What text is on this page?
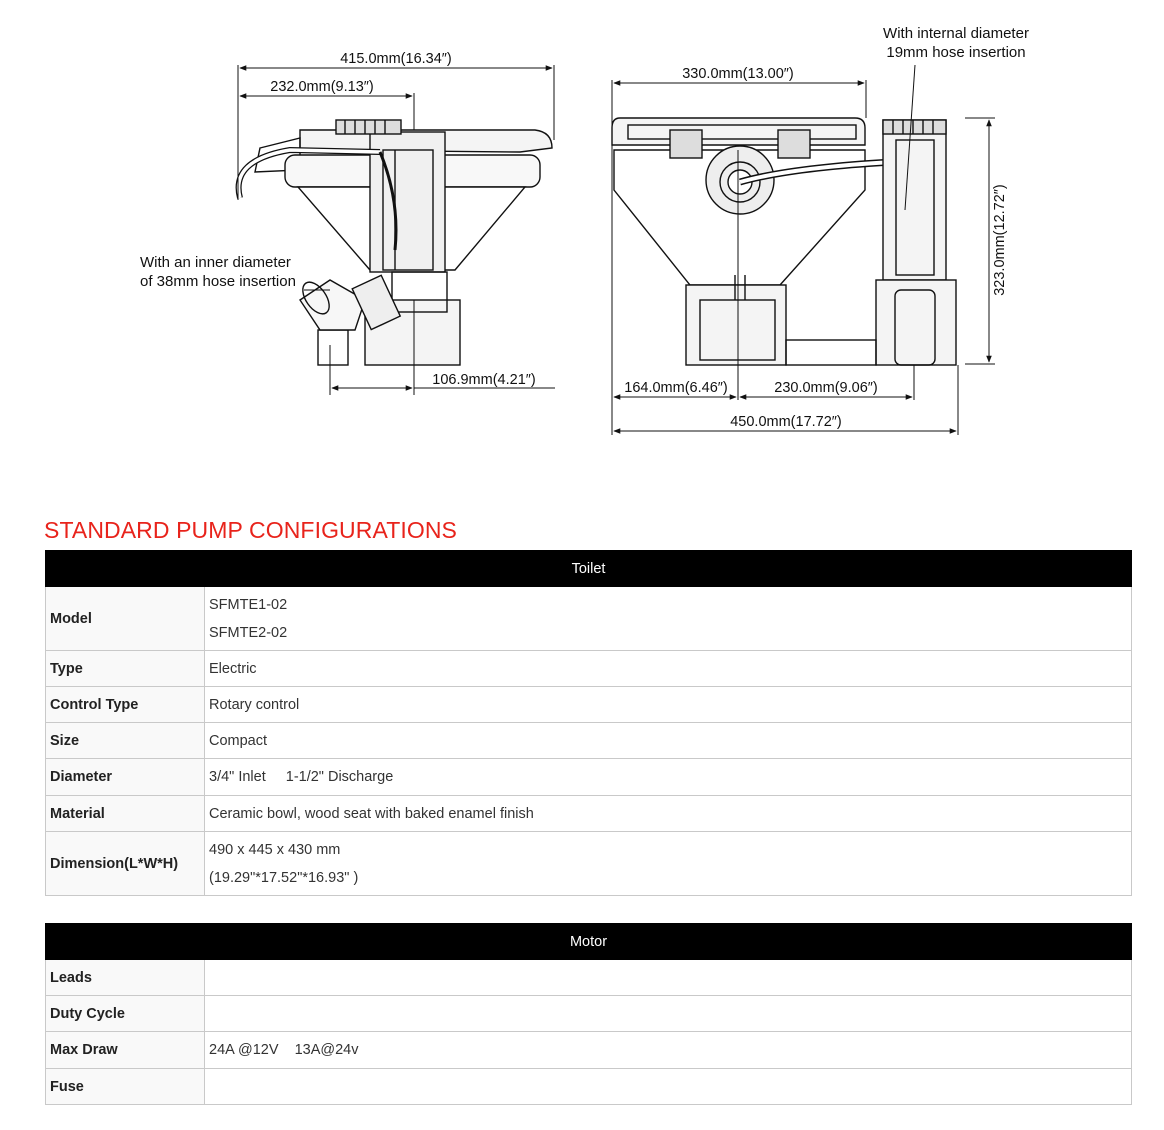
415.0mm(16.34″)
232.0mm(9.13″)
106.9mm(4.21″)
With an inner diameter
of 38mm hose insertion
330.0mm(13.00″)
323.0mm(12.72″)
164.0mm(6.46″)	230.0mm(9.06″)
450.0mm(17.72″)
With internal diameter
19mm hose insertion
STANDARD PUMP CONFIGURATIONS
Toilet	
Model	SFMTE1-02
SFMTE2-02

Type	Electric
Control Type	Rotary control
Size	Compact
Diameter	3/4" Inlet 1-1/2" Discharge
Material	Ceramic bowl, wood seat with baked enamel finish
Dimension(L*W*H)	490 x 445 x 430 mm
(19.29"*17.52"*16.93" )
Motor	
Leads	
Duty Cycle	
Max Draw	24A @12V 13A@24v
Fuse	
